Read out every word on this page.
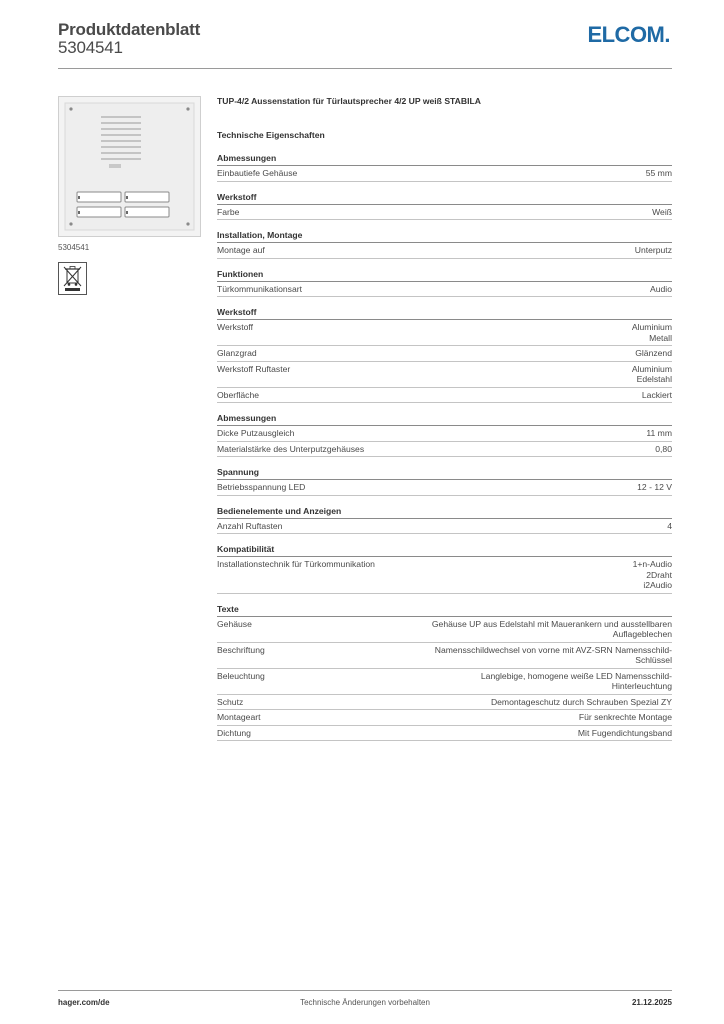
Produktdatenblatt
5304541
ELCOM.
5304541
TUP-4/2 Aussenstation für Türlautsprecher 4/2 UP weiß STABILA
Technische Eigenschaften
Abmessungen
Einbautiefe Gehäuse	55 mm
Werkstoff
Farbe	Weiß
Installation, Montage
Montage auf	Unterputz
Funktionen
Türkommunikationsart	Audio
Werkstoff
Werkstoff	Aluminium
Metall
Glanzgrad	Glänzend
Werkstoff Ruftaster	Aluminium
Edelstahl
Oberfläche	Lackiert
Abmessungen
Dicke Putzausgleich	11 mm
Materialstärke des Unterputzgehäuses	0,80
Spannung
Betriebsspannung LED	12 - 12 V
Bedienelemente und Anzeigen
Anzahl Ruftasten	4
Kompatibilität
Installationstechnik für Türkommunikation	1+n-Audio
2Draht
i2Audio
Texte
Gehäuse	Gehäuse UP aus Edelstahl mit Mauerankern und ausstellbaren
Auflageblechen
Beschriftung	Namensschildwechsel von vorne mit AVZ-SRN Namensschild-
Schlüssel
Beleuchtung	Langlebige, homogene weiße LED Namensschild-
Hinterleuchtung
Schutz	Demontageschutz durch Schrauben Spezial ZY
Montageart	Für senkrechte Montage
Dichtung	Mit Fugendichtungsband
hager.com/de	Technische Änderungen vorbehalten	21.12.2025
